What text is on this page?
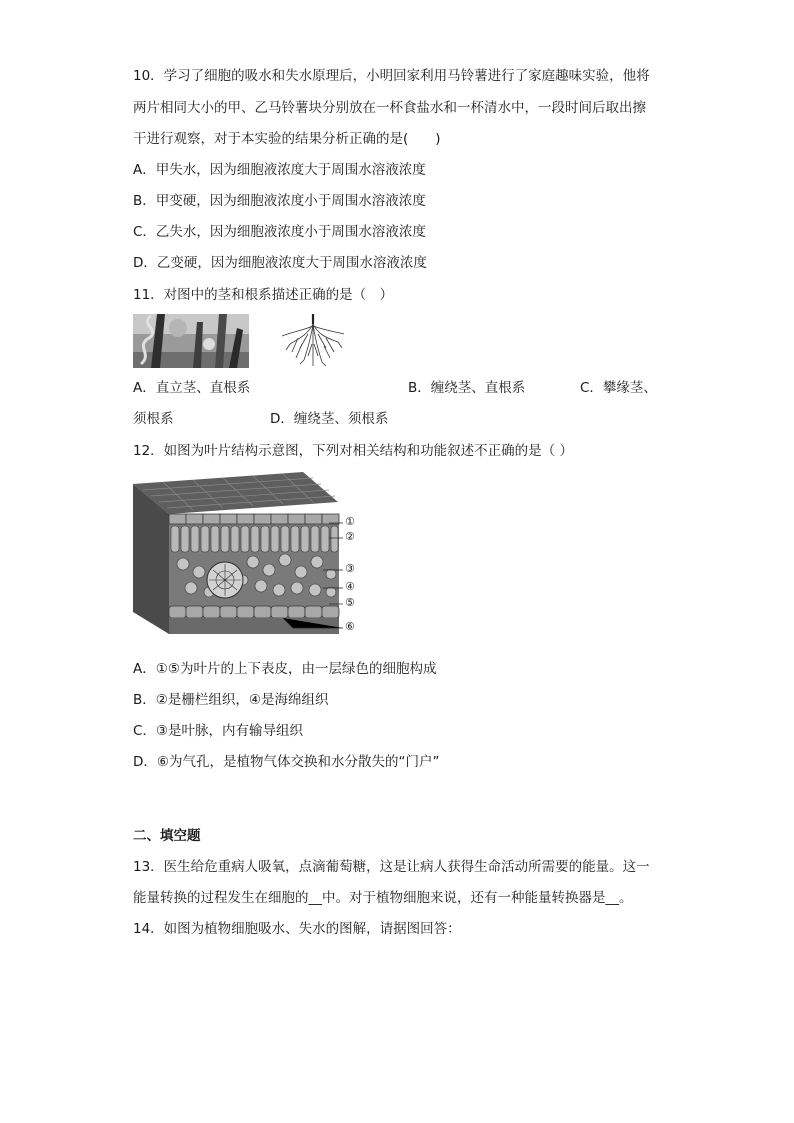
10．学习了细胞的吸水和失水原理后，小明回家利用马铃薯进行了家庭趣味实验，他将
两片相同大小的甲、乙马铃薯块分别放在一杯食盐水和一杯清水中，一段时间后取出擦
干进行观察，对于本实验的结果分析正确的是(　　)
A．甲失水，因为细胞液浓度大于周围水溶液浓度
B．甲变硬，因为细胞液浓度小于周围水溶液浓度
C．乙失水，因为细胞液浓度小于周围水溶液浓度
D．乙变硬，因为细胞液浓度大于周围水溶液浓度
11．对图中的茎和根系描述正确的是（　）
A．直立茎、直根系	B．缠绕茎、直根系	C．攀缘茎、
须根系	D．缠绕茎、须根系
12．如图为叶片结构示意图，下列对相关结构和功能叙述不正确的是（ ）
①
②
③
④
⑤
⑥
A．①⑤为叶片的上下表皮，由一层绿色的细胞构成
B．②是栅栏组织，④是海绵组织
C．③是叶脉，内有输导组织
D．⑥为气孔，是植物气体交换和水分散失的“门户”
二、填空题
13．医生给危重病人吸氧，点滴葡萄糖，这是让病人获得生命活动所需要的能量。这一
能量转换的过程发生在细胞的__中。对于植物细胞来说，还有一种能量转换器是__。
14．如图为植物细胞吸水、失水的图解，请据图回答：
